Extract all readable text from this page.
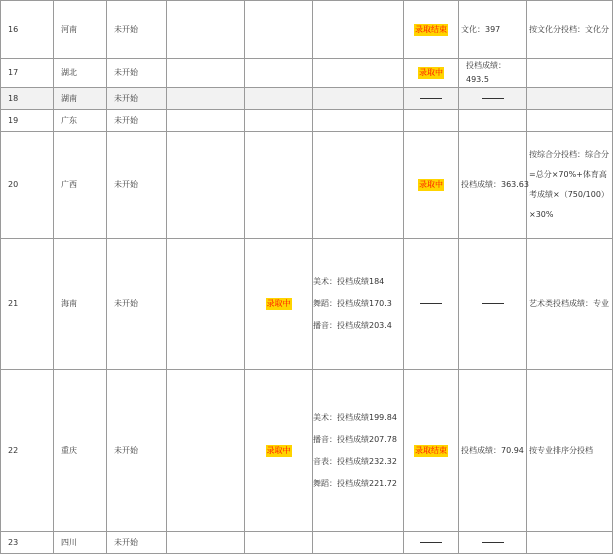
16	河南	未开始				录取结束	文化：397	按文化分投档：文化分
17	湖北	未开始				录取中	投档成绩：493.5	
18	湖南	未开始						
19	广东	未开始						
20	广西	未开始				录取中	投档成绩：363.63	按综合分投档：综合分=总分×70%+体育高考成绩×（750/100）×30%
21	海南	未开始		录取中	美术：投档成绩184
舞蹈：投档成绩170.3
播音：投档成绩203.4			艺术类投档成绩：专业
22	重庆	未开始		录取中	美术：投档成绩199.84
播音：投档成绩207.78
音表：投档成绩232.32
舞蹈：投档成绩221.72	录取结束	投档成绩：70.94	按专业排序分投档
23	四川	未开始						
